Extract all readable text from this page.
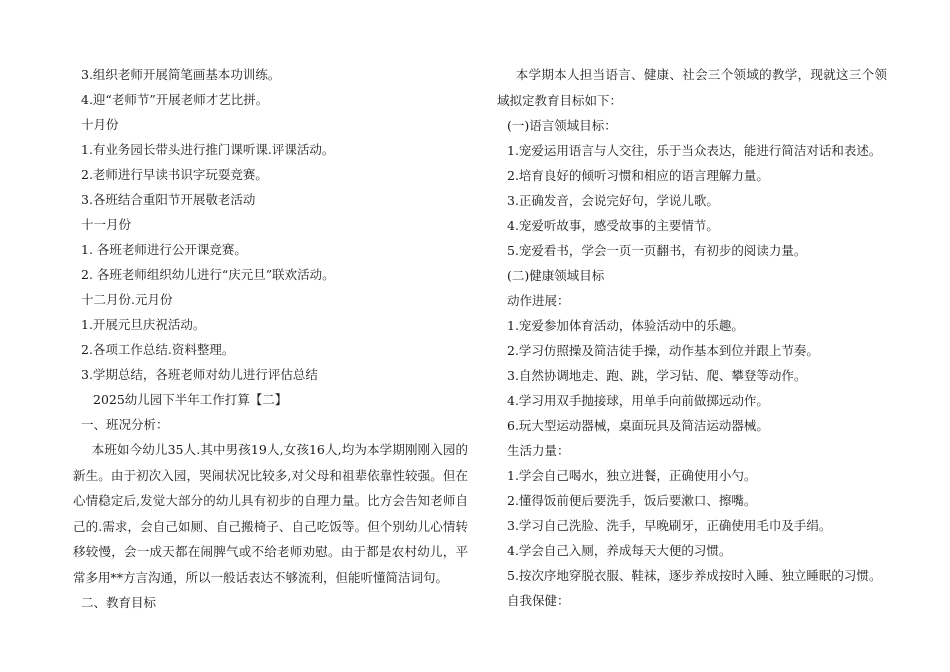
3.组织老师开展简笔画基本功训练。
4.迎“老师节”开展老师才艺比拼。
十月份
1.有业务园长带头进行推门课听课.评课活动。
2.老师进行早读书识字玩耍竞赛。
3.各班结合重阳节开展敬老活动
十一月份
1. 各班老师进行公开课竞赛。
2. 各班老师组织幼儿进行“庆元旦”联欢活动。
十二月份.元月份
1.开展元旦庆祝活动。
2.各项工作总结.资料整理。
3.学期总结，各班老师对幼儿进行评估总结
2025幼儿园下半年工作打算【二】
一、班况分析：
本班如今幼儿35人.其中男孩19人,女孩16人,均为本学期刚刚入园的新生。由于初次入园，哭闹状况比较多,对父母和祖辈依靠性较强。但在心情稳定后,发觉大部分的幼儿具有初步的自理力量。比方会告知老师自己的.需求，会自己如厕、自己搬椅子、自己吃饭等。但个别幼儿心情转移较慢，会一成天都在闹脾气或不给老师劝慰。由于都是农村幼儿，平常多用**方言沟通，所以一般话表达不够流利，但能听懂简洁词句。
二、教育目标
本学期本人担当语言、健康、社会三个领域的教学，现就这三个领域拟定教育目标如下：
(一)语言领域目标：
1.宠爱运用语言与人交往，乐于当众表达，能进行简洁对话和表述。
2.培育良好的倾听习惯和相应的语言理解力量。
3.正确发音，会说完好句，学说儿歌。
4.宠爱听故事，感受故事的主要情节。
5.宠爱看书，学会一页一页翻书，有初步的阅读力量。
(二)健康领域目标
动作进展：
1.宠爱参加体育活动，体验活动中的乐趣。
2.学习仿照操及简洁徒手操，动作基本到位并跟上节奏。
3.自然协调地走、跑、跳，学习钻、爬、攀登等动作。
4.学习用双手抛接球，用单手向前做掷远动作。
6.玩大型运动器械，桌面玩具及简洁运动器械。
生活力量：
1.学会自己喝水，独立进餐，正确使用小勺。
2.懂得饭前便后要洗手，饭后要漱口、擦嘴。
3.学习自己洗脸、洗手，早晚刷牙，正确使用毛巾及手绢。
4.学会自己入厕，养成每天大便的习惯。
5.按次序地穿脱衣服、鞋袜，逐步养成按时入睡、独立睡眠的习惯。
自我保健：
